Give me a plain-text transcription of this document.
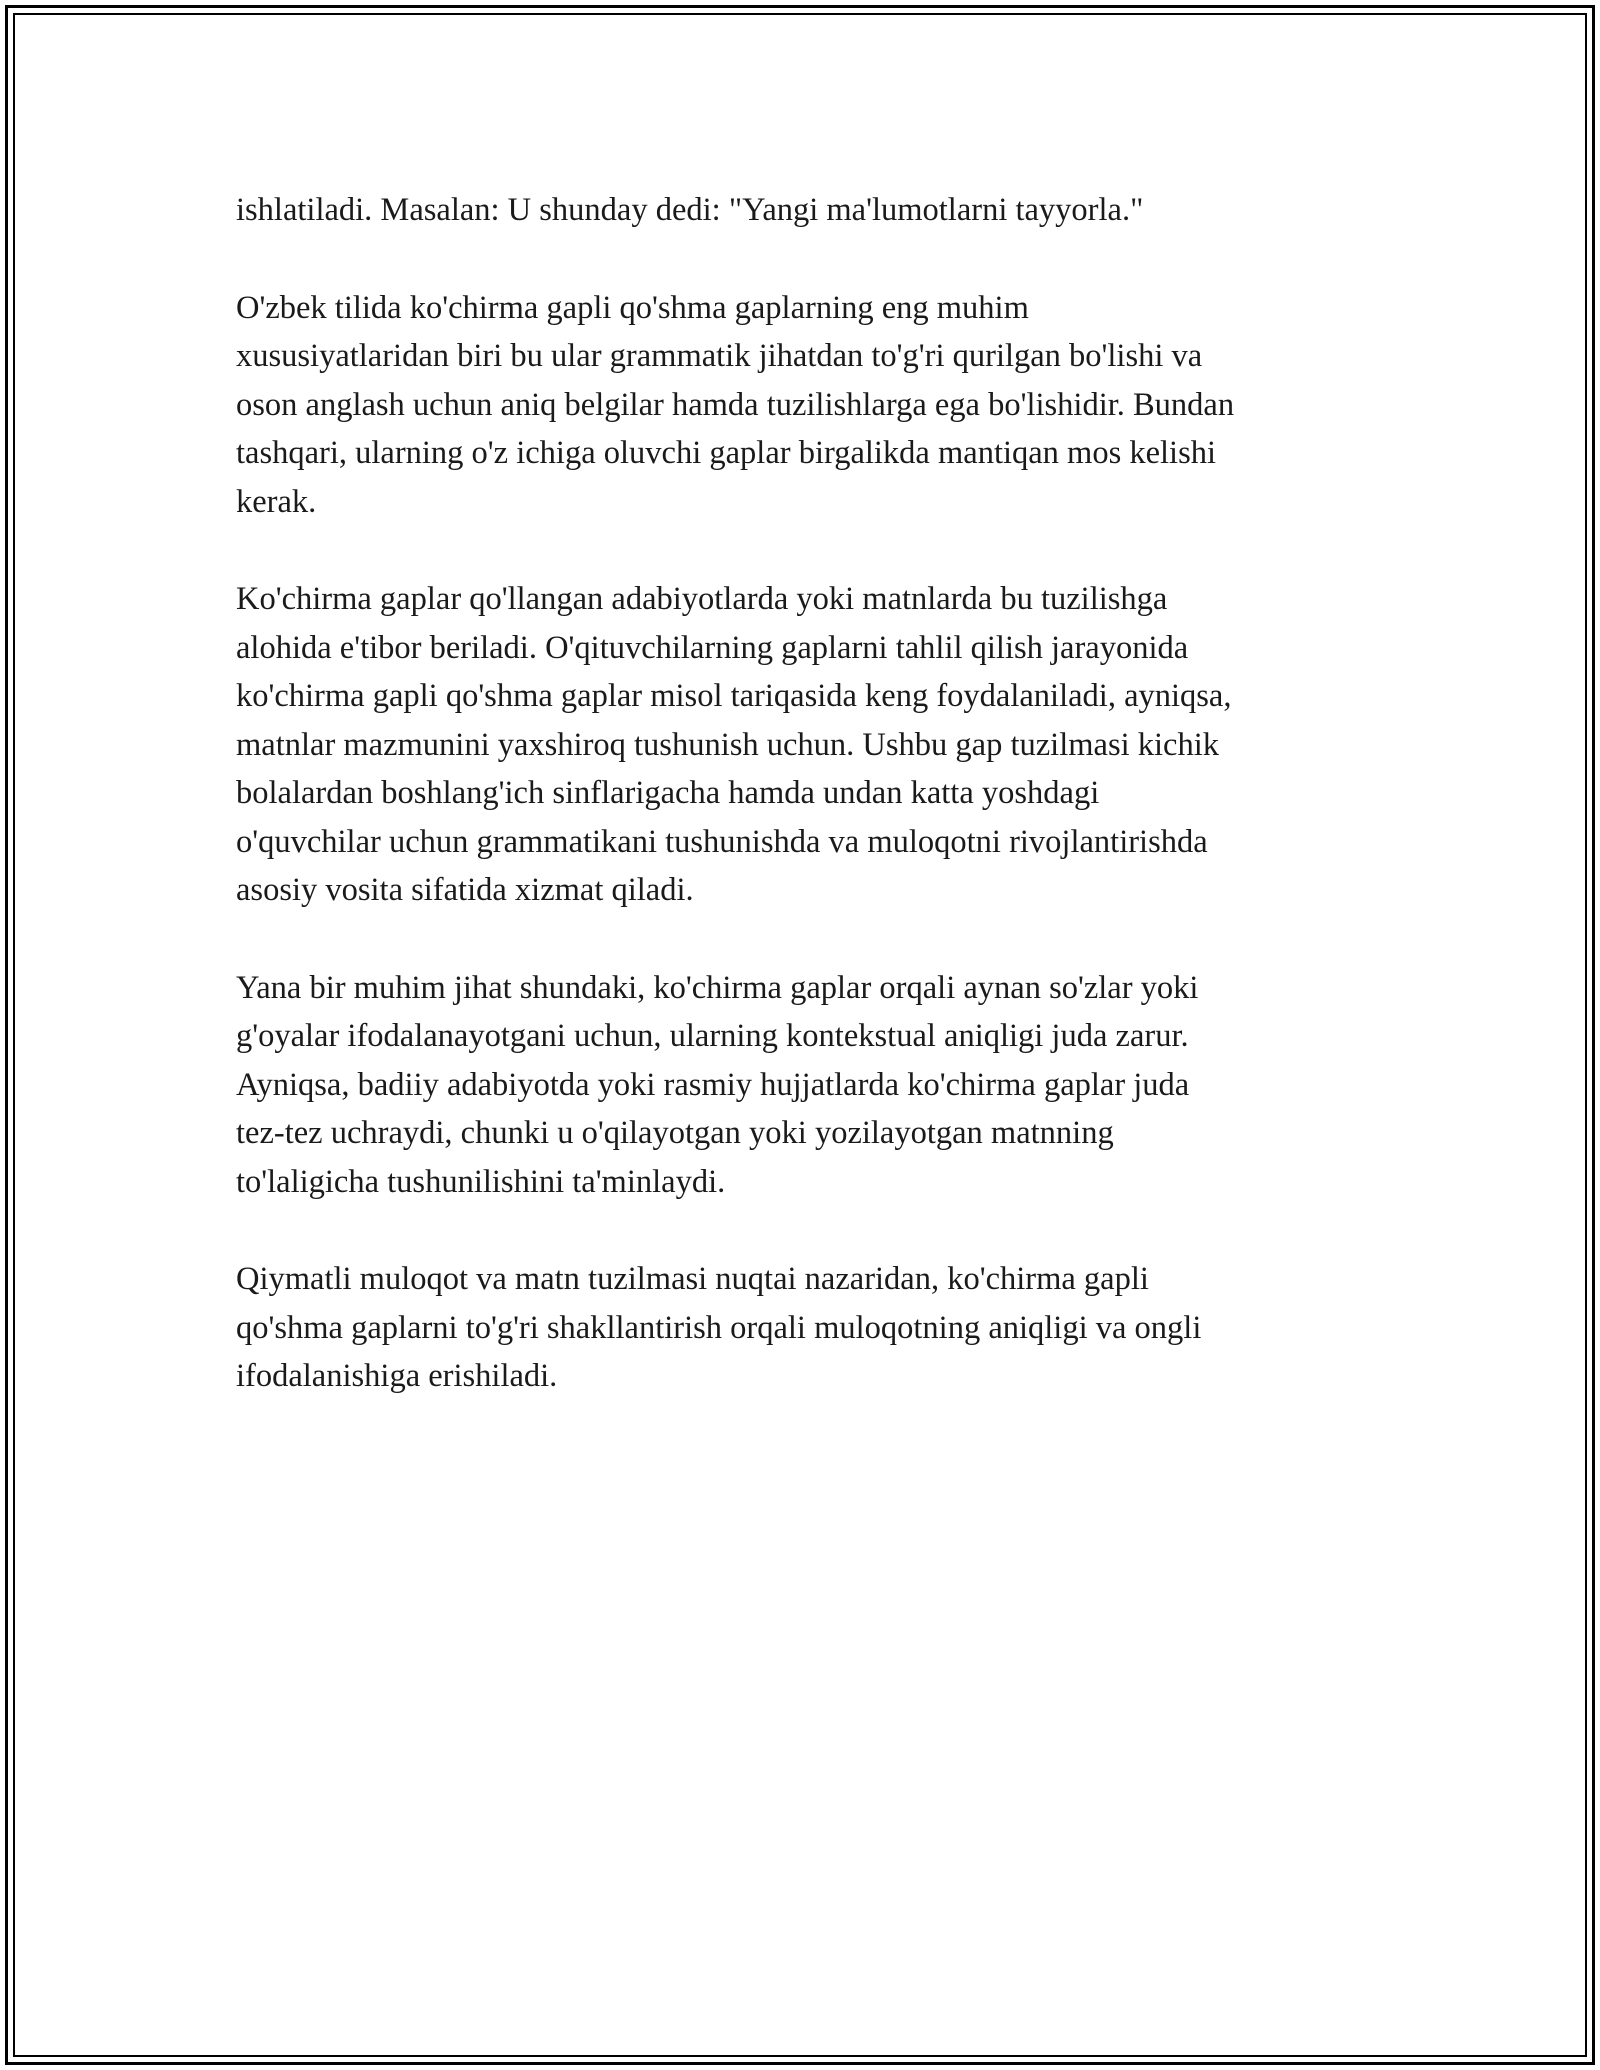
ishlatiladi. Masalan: U shunday dedi: "Yangi ma'lumotlarni tayyorla."

O'zbek tilida ko'chirma gapli qo'shma gaplarning eng muhim
xususiyatlaridan biri bu ular grammatik jihatdan to'g'ri qurilgan bo'lishi va
oson anglash uchun aniq belgilar hamda tuzilishlarga ega bo'lishidir. Bundan
tashqari, ularning o'z ichiga oluvchi gaplar birgalikda mantiqan mos kelishi
kerak.

Ko'chirma gaplar qo'llangan adabiyotlarda yoki matnlarda bu tuzilishga
alohida e'tibor beriladi. O'qituvchilarning gaplarni tahlil qilish jarayonida
ko'chirma gapli qo'shma gaplar misol tariqasida keng foydalaniladi, ayniqsa,
matnlar mazmunini yaxshiroq tushunish uchun. Ushbu gap tuzilmasi kichik
bolalardan boshlang'ich sinflarigacha hamda undan katta yoshdagi
o'quvchilar uchun grammatikani tushunishda va muloqotni rivojlantirishda
asosiy vosita sifatida xizmat qiladi.

Yana bir muhim jihat shundaki, ko'chirma gaplar orqali aynan so'zlar yoki
g'oyalar ifodalanayotgani uchun, ularning kontekstual aniqligi juda zarur.
Ayniqsa, badiiy adabiyotda yoki rasmiy hujjatlarda ko'chirma gaplar juda
tez-tez uchraydi, chunki u o'qilayotgan yoki yozilayotgan matnning
to'laligicha tushunilishini ta'minlaydi.

Qiymatli muloqot va matn tuzilmasi nuqtai nazaridan, ko'chirma gapli
qo'shma gaplarni to'g'ri shakllantirish orqali muloqotning aniqligi va ongli
ifodalanishiga erishiladi.
